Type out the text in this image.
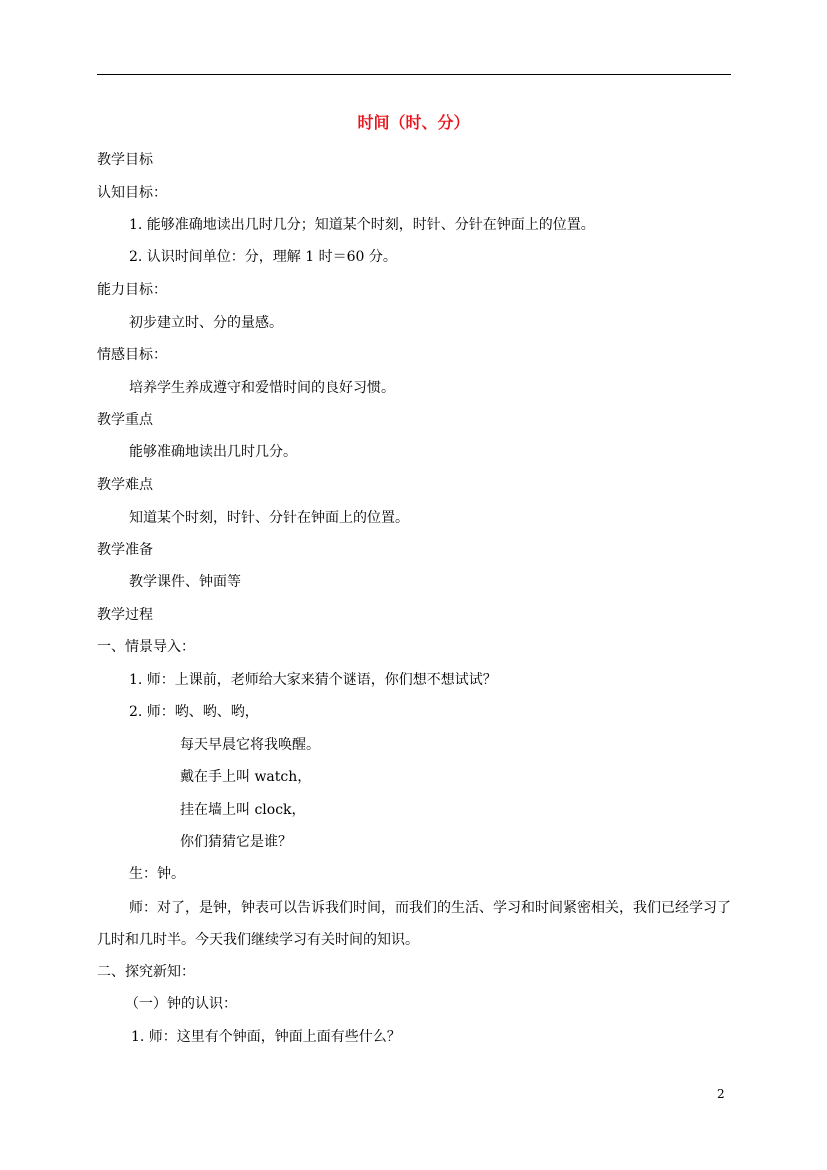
时间（时、分）
教学目标
认知目标：
1. 能够准确地读出几时几分；知道某个时刻，时针、分针在钟面上的位置。
2. 认识时间单位：分，理解 1 时＝60 分。
能力目标：
初步建立时、分的量感。
情感目标：
培养学生养成遵守和爱惜时间的良好习惯。
教学重点
能够准确地读出几时几分。
教学难点
知道某个时刻，时针、分针在钟面上的位置。
教学准备
教学课件、钟面等
教学过程
一、情景导入：
1. 师：上课前，老师给大家来猜个谜语，你们想不想试试？
2. 师：哟、哟、哟，
每天早晨它将我唤醒。
戴在手上叫 watch，
挂在墙上叫 clock，
你们猜猜它是谁？
生：钟。
师：对了，是钟，钟表可以告诉我们时间，而我们的生活、学习和时间紧密相关，我们已经学习了几时和几时半。今天我们继续学习有关时间的知识。
二、探究新知：
（一）钟的认识：
1. 师：这里有个钟面，钟面上面有些什么？
2
